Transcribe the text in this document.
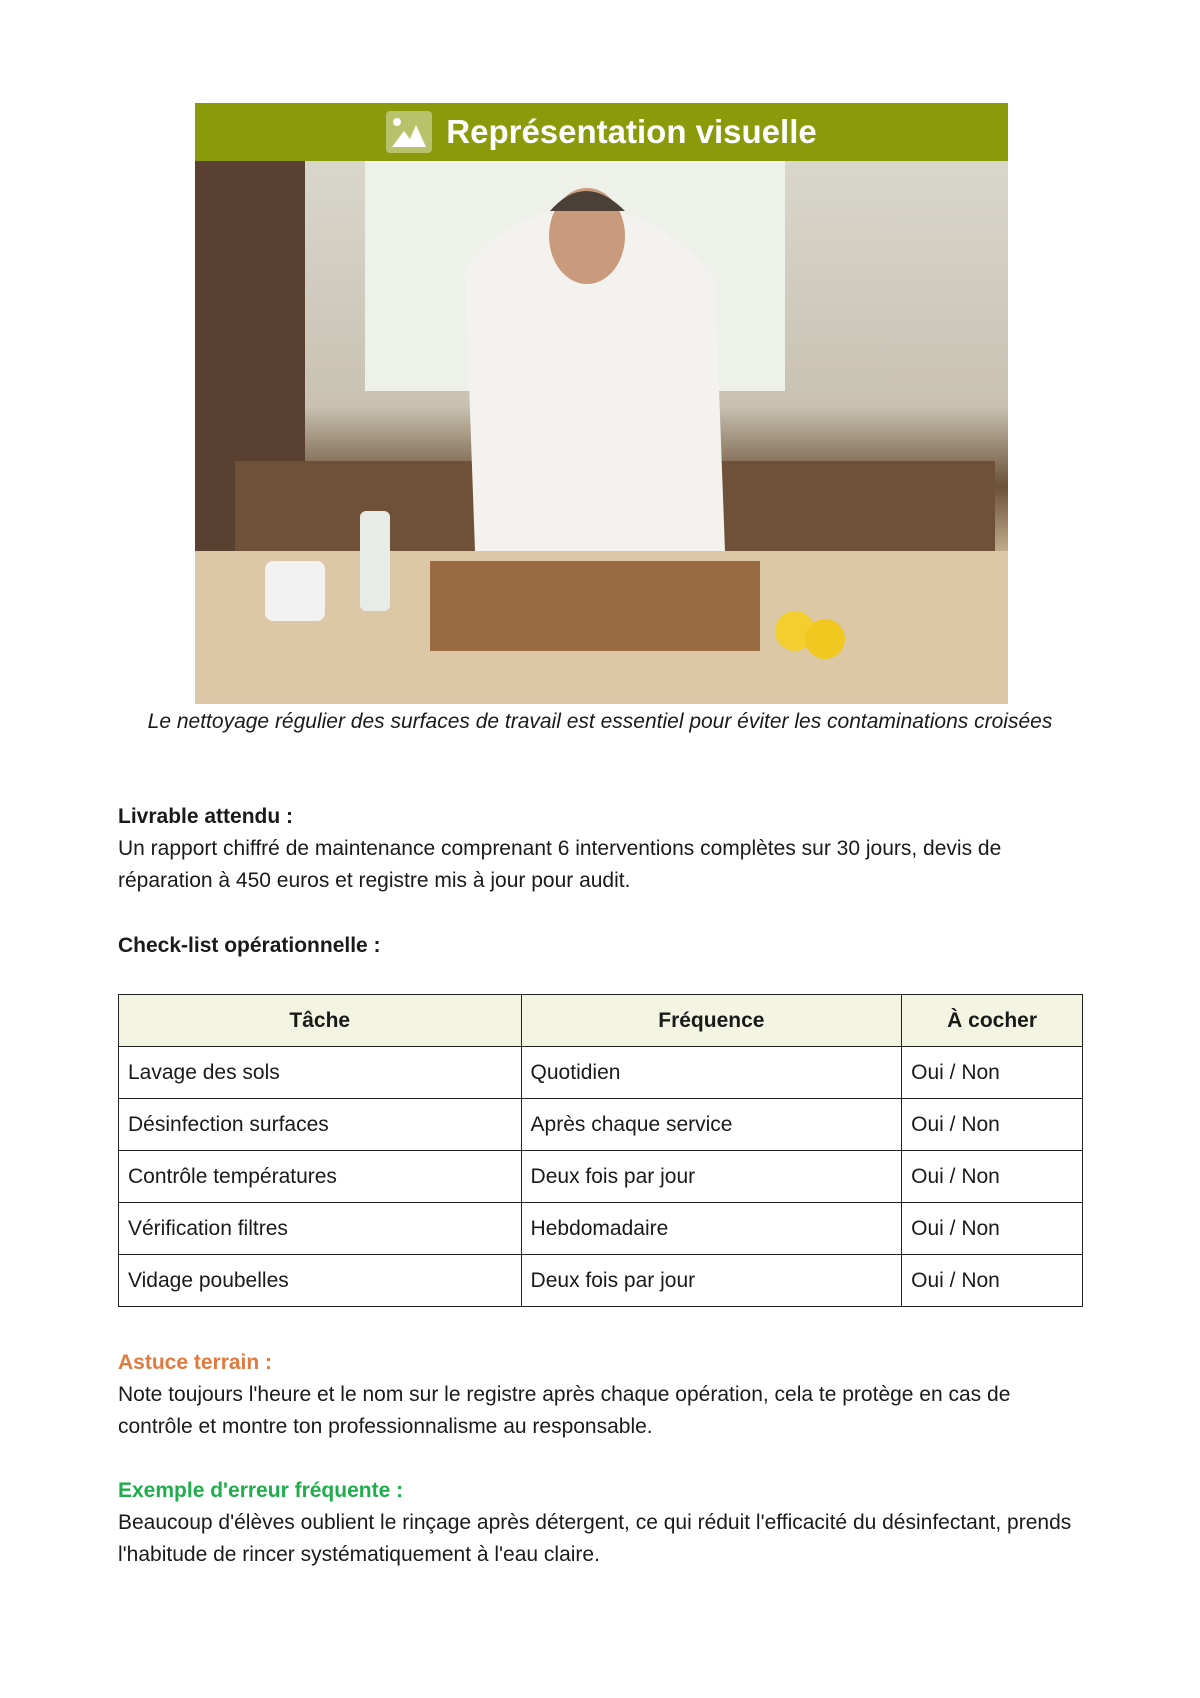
Représentation visuelle
Le nettoyage régulier des surfaces de travail est essentiel pour éviter les contaminations croisées
Livrable attendu :
Un rapport chiffré de maintenance comprenant 6 interventions complètes sur 30 jours, devis de réparation à 450 euros et registre mis à jour pour audit.
Check-list opérationnelle :
Tâche	Fréquence	À cocher
Lavage des sols	Quotidien	Oui / Non
Désinfection surfaces	Après chaque service	Oui / Non
Contrôle températures	Deux fois par jour	Oui / Non
Vérification filtres	Hebdomadaire	Oui / Non
Vidage poubelles	Deux fois par jour	Oui / Non
Astuce terrain :
Note toujours l'heure et le nom sur le registre après chaque opération, cela te protège en cas de contrôle et montre ton professionnalisme au responsable.
Exemple d'erreur fréquente :
Beaucoup d'élèves oublient le rinçage après détergent, ce qui réduit l'efficacité du désinfectant, prends l'habitude de rincer systématiquement à l'eau claire.
